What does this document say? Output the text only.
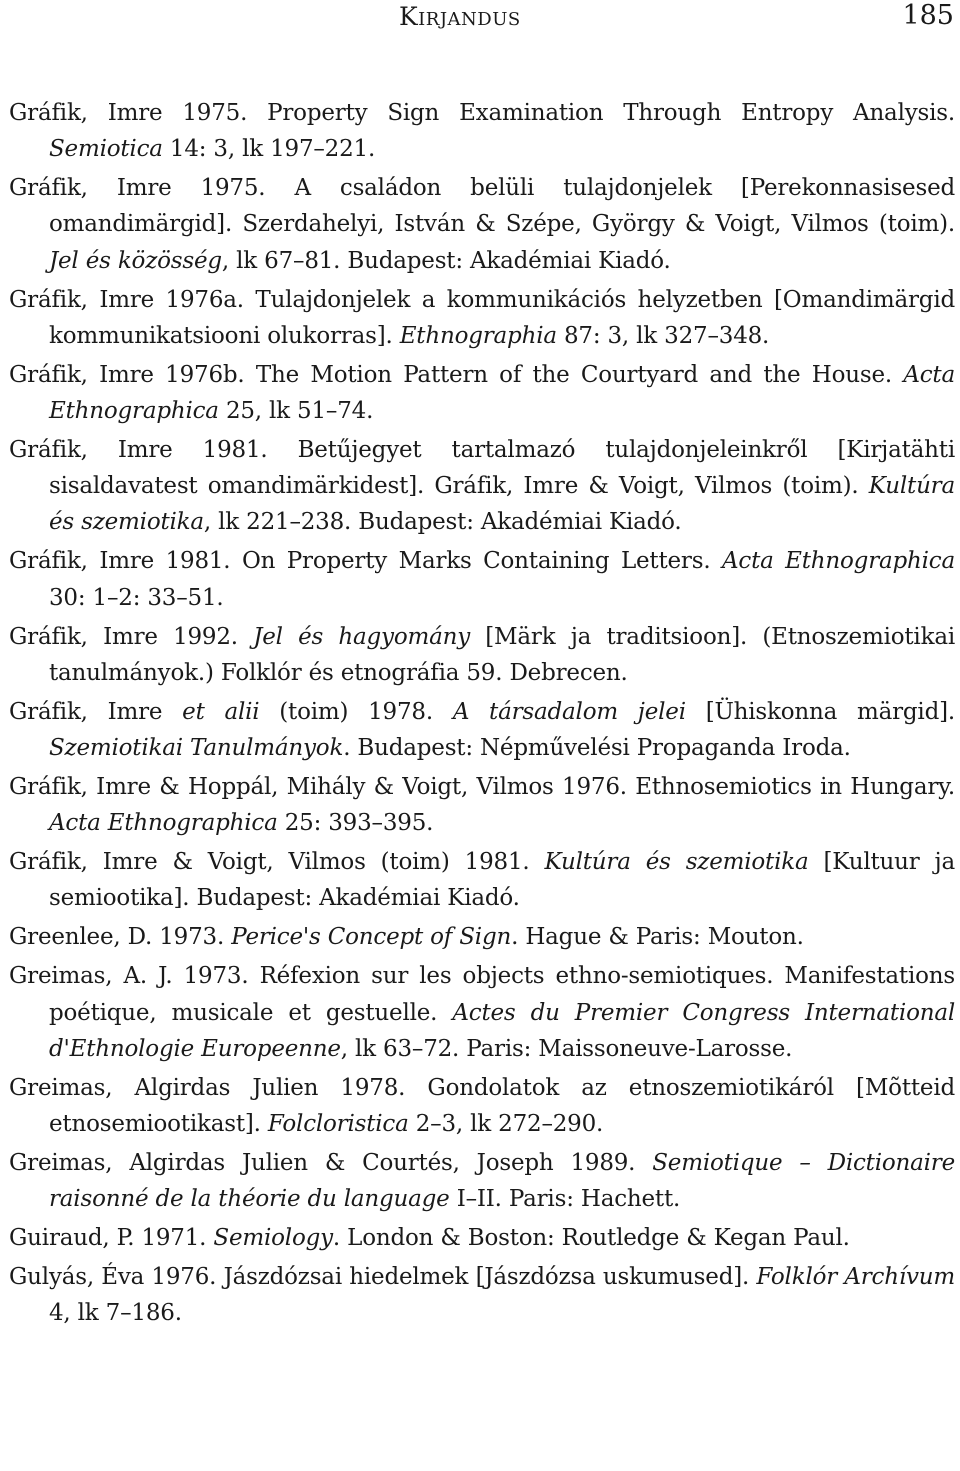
Kirjandus	185
Gráfik, Imre 1975. Property Sign Examination Through Entropy Analysis. Semiotica 14: 3, lk 197–221.
Gráfik, Imre 1975. A családon belüli tulajdonjelek [Perekonnasisesed omandimärgid]. Szerdahelyi, István & Szépe, György & Voigt, Vilmos (toim). Jel és közösség, lk 67–81. Budapest: Akadémiai Kiadó.
Gráfik, Imre 1976a. Tulajdonjelek a kommunikációs helyzetben [Omandimärgid kommunikatsiooni olukorras]. Ethnographia 87: 3, lk 327–348.
Gráfik, Imre 1976b. The Motion Pattern of the Courtyard and the House. Acta Ethnographica 25, lk 51–74.
Gráfik, Imre 1981. Betűjegyet tartalmazó tulajdonjeleinkről [Kirjatähti sisaldavatest omandimärkidest]. Gráfik, Imre & Voigt, Vilmos (toim). Kultúra és szemiotika, lk 221–238. Budapest: Akadémiai Kiadó.
Gráfik, Imre 1981. On Property Marks Containing Letters. Acta Ethnographica 30: 1–2: 33–51.
Gráfik, Imre 1992. Jel és hagyomány [Märk ja traditsioon]. (Etnoszemiotikai tanulmányok.) Folklór és etnográfia 59. Debrecen.
Gráfik, Imre et alii (toim) 1978. A társadalom jelei [Ühiskonna märgid]. Szemiotikai Tanulmányok. Budapest: Népművelési Propaganda Iroda.
Gráfik, Imre & Hoppál, Mihály & Voigt, Vilmos 1976. Ethnosemiotics in Hungary. Acta Ethnographica 25: 393–395.
Gráfik, Imre & Voigt, Vilmos (toim) 1981. Kultúra és szemiotika [Kultuur ja semiootika]. Budapest: Akadémiai Kiadó.
Greenlee, D. 1973. Perice's Concept of Sign. Hague & Paris: Mouton.
Greimas, A. J. 1973. Réfexion sur les objects ethno-semiotiques. Manifestations poétique, musicale et gestuelle. Actes du Premier Congress International d'Ethnologie Europeenne, lk 63–72. Paris: Maissoneuve-Larosse.
Greimas, Algirdas Julien 1978. Gondolatok az etnoszemiotikáról [Mõtteid etnosemiootikast]. Folcloristica 2–3, lk 272–290.
Greimas, Algirdas Julien & Courtés, Joseph 1989. Semiotique – Dictionaire raisonné de la théorie du language I–II. Paris: Hachett.
Guiraud, P. 1971. Semiology. London & Boston: Routledge & Kegan Paul.
Gulyás, Éva 1976. Jászdózsai hiedelmek [Jászdózsa uskumused]. Folklór Archívum 4, lk 7–186.
